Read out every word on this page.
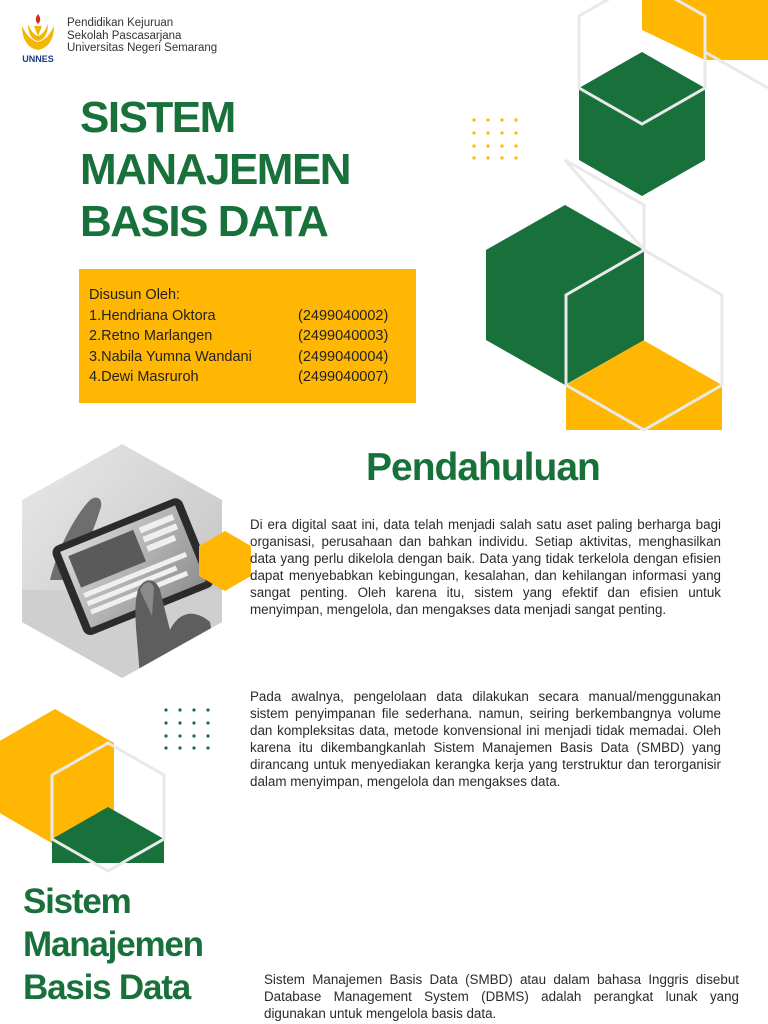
UNNES
Pendidikan Kejuruan
Sekolah Pascasarjana
Universitas Negeri Semarang
SISTEM
MANAJEMEN
BASIS DATA
Disusun Oleh:
1.Hendriana Oktora	(2499040002)
2.Retno Marlangen	(2499040003)
3.Nabila Yumna Wandani	(2499040004)
4.Dewi Masruroh	(2499040007)
Pendahuluan

Di era digital saat ini, data telah menjadi salah satu aset paling berharga bagi organisasi, perusahaan dan bahkan individu. Setiap aktivitas, menghasilkan data yang perlu dikelola dengan baik. Data yang tidak terkelola dengan efisien dapat menyebabkan kebingungan, kesalahan, dan kehilangan informasi yang sangat penting. Oleh karena itu, sistem yang efektif dan efisien untuk menyimpan, mengelola, dan mengakses data menjadi sangat penting.

Pada awalnya, pengelolaan data dilakukan secara manual/menggunakan sistem penyimpanan file sederhana. namun, seiring berkembangnya volume dan kompleksitas data, metode konvensional ini menjadi tidak memadai. Oleh karena itu dikembangkanlah Sistem Manajemen Basis Data (SMBD) yang dirancang untuk menyediakan kerangka kerja yang terstruktur dan terorganisir dalam menyimpan, mengelola dan mengakses data.

Sistem
Manajemen
Basis Data	Sistem Manajemen Basis Data (SMBD) atau dalam bahasa Inggris disebut Database Management System (DBMS) adalah perangkat lunak yang digunakan untuk mengelola basis data.
